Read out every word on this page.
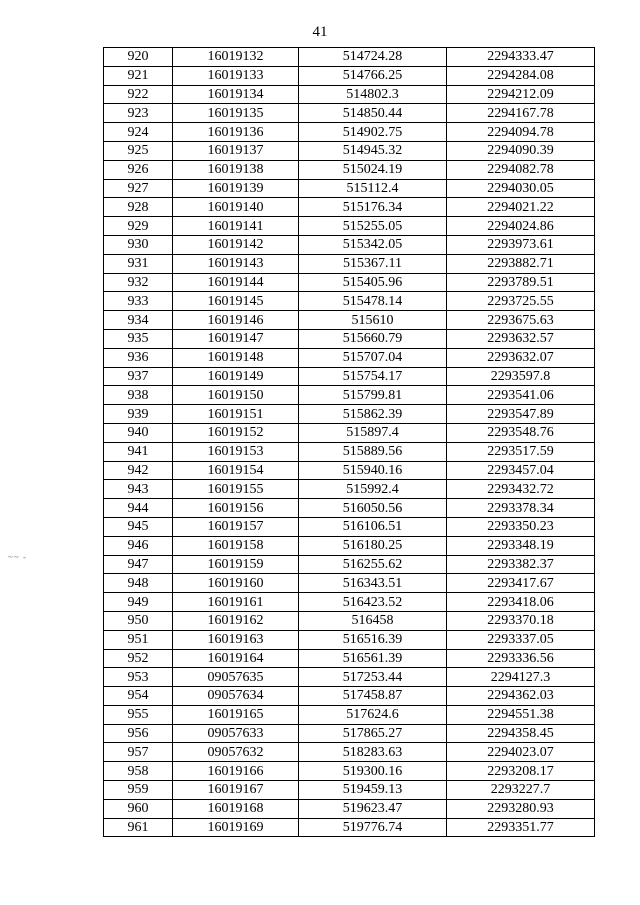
41
~~ -
920	16019132	514724.28	2294333.47
921	16019133	514766.25	2294284.08
922	16019134	514802.3	2294212.09
923	16019135	514850.44	2294167.78
924	16019136	514902.75	2294094.78
925	16019137	514945.32	2294090.39
926	16019138	515024.19	2294082.78
927	16019139	515112.4	2294030.05
928	16019140	515176.34	2294021.22
929	16019141	515255.05	2294024.86
930	16019142	515342.05	2293973.61
931	16019143	515367.11	2293882.71
932	16019144	515405.96	2293789.51
933	16019145	515478.14	2293725.55
934	16019146	515610	2293675.63
935	16019147	515660.79	2293632.57
936	16019148	515707.04	2293632.07
937	16019149	515754.17	2293597.8
938	16019150	515799.81	2293541.06
939	16019151	515862.39	2293547.89
940	16019152	515897.4	2293548.76
941	16019153	515889.56	2293517.59
942	16019154	515940.16	2293457.04
943	16019155	515992.4	2293432.72
944	16019156	516050.56	2293378.34
945	16019157	516106.51	2293350.23
946	16019158	516180.25	2293348.19
947	16019159	516255.62	2293382.37
948	16019160	516343.51	2293417.67
949	16019161	516423.52	2293418.06
950	16019162	516458	2293370.18
951	16019163	516516.39	2293337.05
952	16019164	516561.39	2293336.56
953	09057635	517253.44	2294127.3
954	09057634	517458.87	2294362.03
955	16019165	517624.6	2294551.38
956	09057633	517865.27	2294358.45
957	09057632	518283.63	2294023.07
958	16019166	519300.16	2293208.17
959	16019167	519459.13	2293227.7
960	16019168	519623.47	2293280.93
961	16019169	519776.74	2293351.77
